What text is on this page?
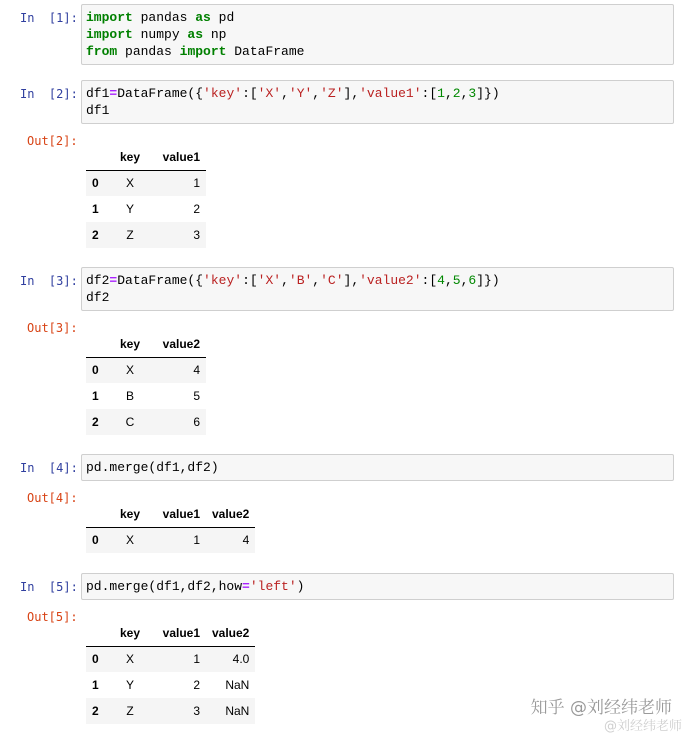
In  [1]: import pandas as pd
import numpy as np
from pandas import DataFrame
In  [2]: df1=DataFrame({'key':['X','Y','Z'],'value1':[1,2,3]})
df1
Out[2]:
	key	value1
0	X	1
1	Y	2
2	Z	3
In  [3]: df2=DataFrame({'key':['X','B','C'],'value2':[4,5,6]})
df2
Out[3]:
	key	value2
0	X	4
1	B	5
2	C	6
In  [4]: pd.merge(df1,df2)
Out[4]:
	key	value1	value2
0	X	1	4
In  [5]: pd.merge(df1,df2,how='left')
Out[5]:
	key	value1	value2
0	X	1	4.0
1	Y	2	NaN
2	Z	3	NaN	知乎 @刘经纬老师
@刘经纬老师
